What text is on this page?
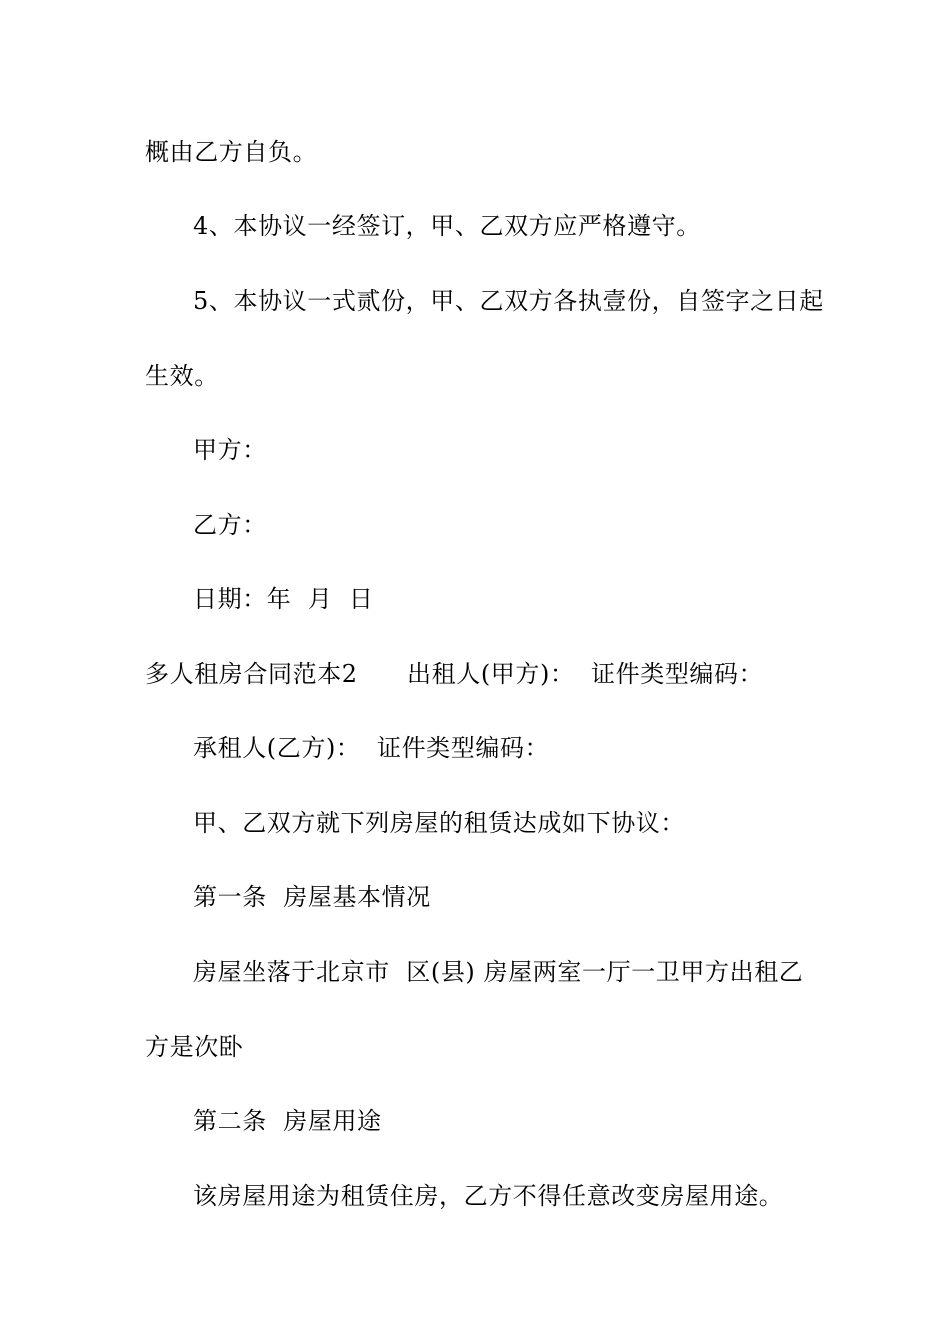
概由乙方自负。
4、本协议一经签订，甲、乙双方应严格遵守。
5、本协议一式贰份，甲、乙双方各执壹份，自签字之日起
生效。
甲方：
乙方：
日期：年  月  日
多人租房合同范本2      出租人(甲方)：  证件类型编码：
承租人(乙方)：  证件类型编码：
甲、乙双方就下列房屋的租赁达成如下协议：
第一条  房屋基本情况
房屋坐落于北京市  区(县) 房屋两室一厅一卫甲方出租乙
方是次卧
第二条  房屋用途
该房屋用途为租赁住房，乙方不得任意改变房屋用途。
